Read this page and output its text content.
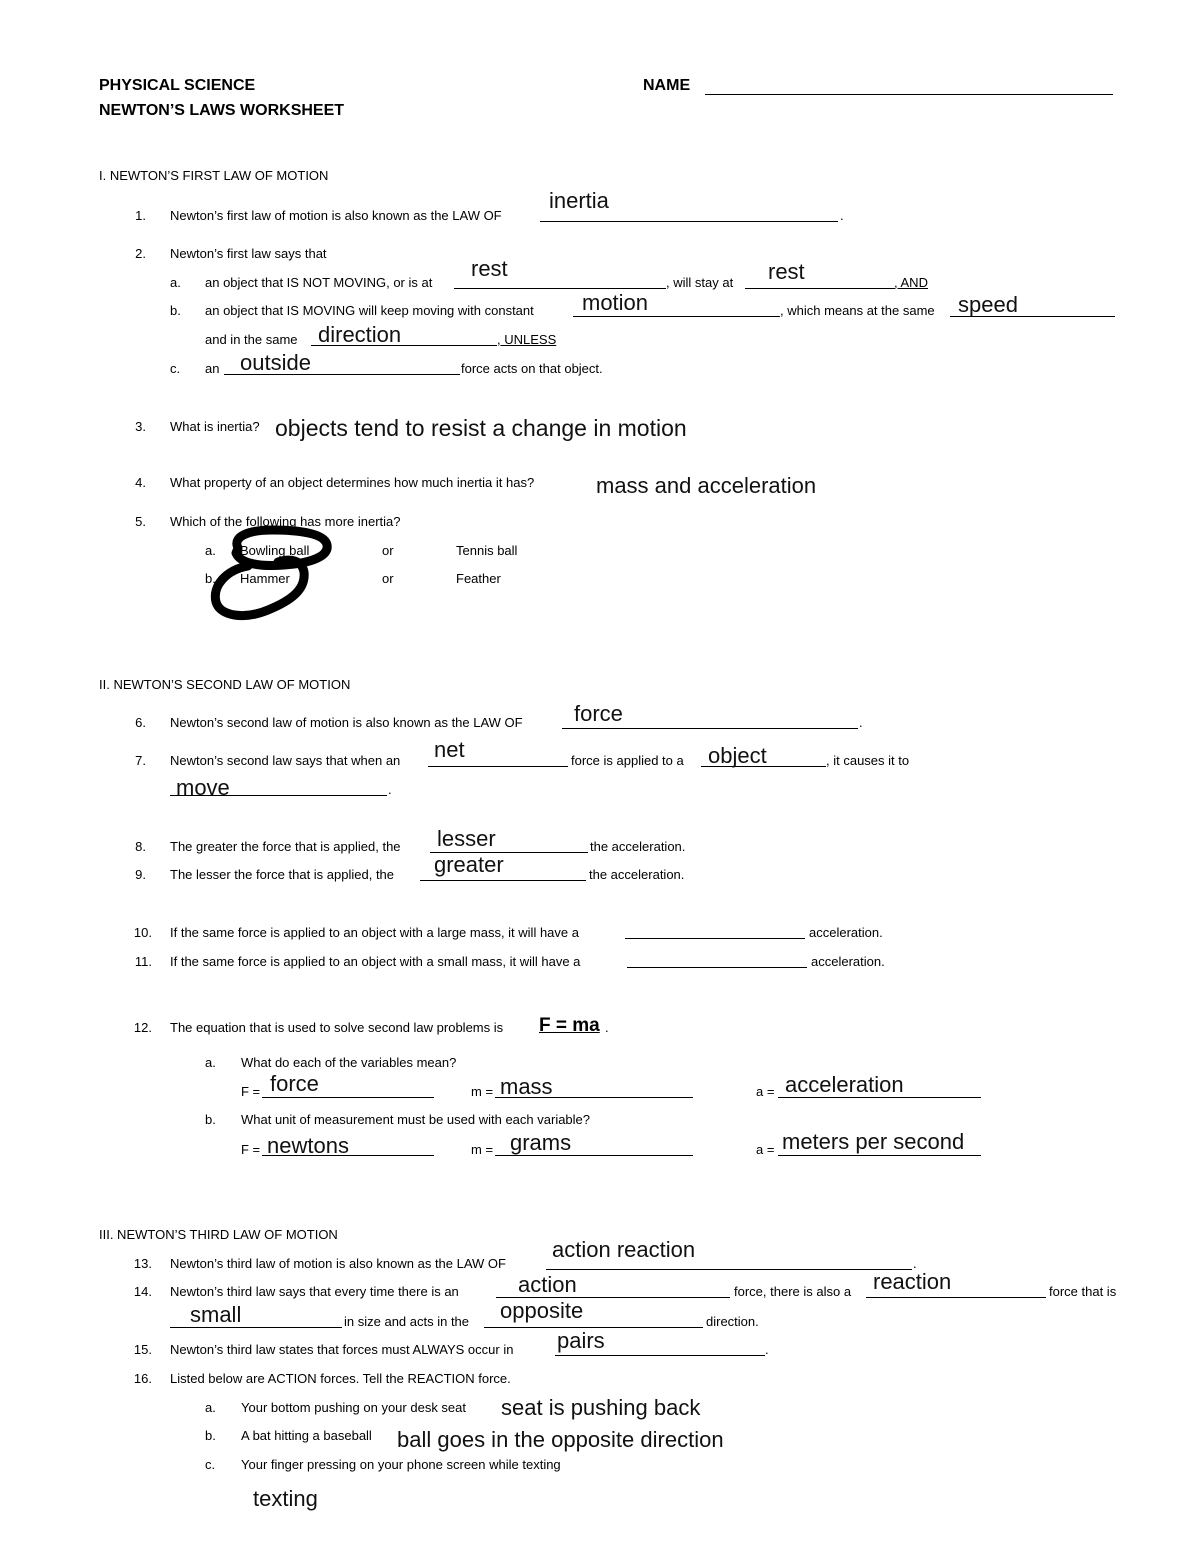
PHYSICAL SCIENCE
NEWTON’S LAWS WORKSHEET
NAME
I. NEWTON’S FIRST LAW OF MOTION
1. Newton’s first law of motion is also known as the LAW OF	.
inertia
2. Newton’s first law says that
a. an object that IS NOT MOVING, or is at
rest
, will stay at rest	, AND
b. an object that IS MOVING will keep moving with constant motion	, which means at the same speed
and in the same direction	, UNLESS
c. an outside	force acts on that object.
3. What is inertia? objects tend to resist a change in motion
4. What property of an object determines how much inertia it has?	mass and acceleration
5. Which of the following has more inertia?
a. Bowling ball	or	Tennis ball
b. Hammer	or	Feather
II. NEWTON’S SECOND LAW OF MOTION
6. Newton’s second law of motion is also known as the LAW OF force	.
7. Newton’s second law says that when an net	force is applied to a object	, it causes it to
move	.
8. The greater the force that is applied, the lesser	the acceleration.
9. The lesser the force that is applied, the greater	the acceleration.
10. If the same force is applied to an object with a large mass, it will have a	acceleration.
11. If the same force is applied to an object with a small mass, it will have a	acceleration.
12. The equation that is used to solve second law problems is F = ma .
a. What do each of the variables mean?
F = force	m = mass	a = acceleration
b. What unit of measurement must be used with each variable?
F = newtons	m = grams	a = meters per second
III. NEWTON’S THIRD LAW OF MOTION
13. Newton’s third law of motion is also known as the LAW OF
action reaction
.
14. Newton’s third law says that every time there is an	action	force, there is also a reaction	force that is
small	in size and acts in the opposite	direction.
15. Newton’s third law states that forces must ALWAYS occur in pairs	.
16. Listed below are ACTION forces. Tell the REACTION force.
a. Your bottom pushing on your desk seat seat is pushing back
b. A bat hitting a baseball ball goes in the opposite direction
c. Your finger pressing on your phone screen while texting
texting
